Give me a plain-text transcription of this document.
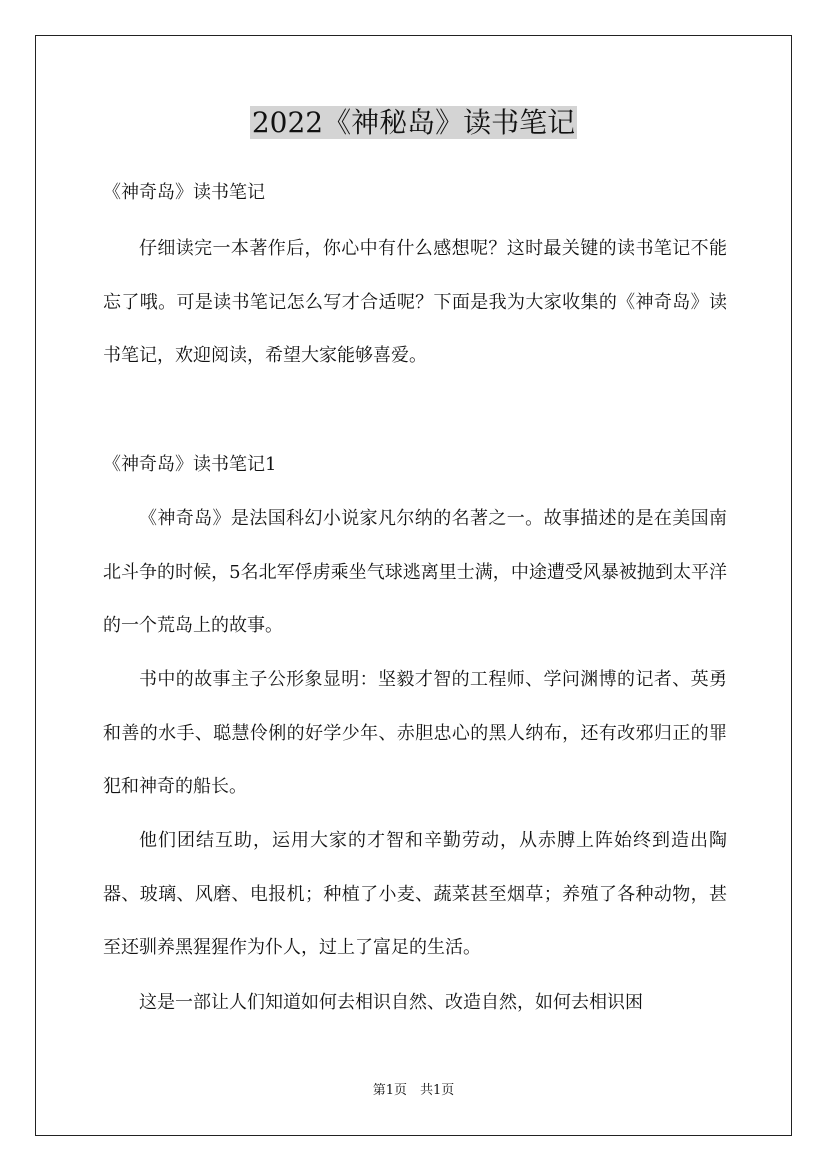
2022《神秘岛》读书笔记
《神奇岛》读书笔记

仔细读完一本著作后，你心中有什么感想呢？这时最关键的读书笔记不能忘了哦。可是读书笔记怎么写才合适呢？下面是我为大家收集的《神奇岛》读书笔记，欢迎阅读，希望大家能够喜爱。

《神奇岛》读书笔记1

《神奇岛》是法国科幻小说家凡尔纳的名著之一。故事描述的是在美国南北斗争的时候，5名北军俘虏乘坐气球逃离里士满，中途遭受风暴被抛到太平洋的一个荒岛上的故事。

书中的故事主子公形象显明：坚毅才智的工程师、学问渊博的记者、英勇和善的水手、聪慧伶俐的好学少年、赤胆忠心的黑人纳布，还有改邪归正的罪犯和神奇的船长。

他们团结互助，运用大家的才智和辛勤劳动，从赤膊上阵始终到造出陶器、玻璃、风磨、电报机；种植了小麦、蔬菜甚至烟草；养殖了各种动物，甚至还驯养黑猩猩作为仆人，过上了富足的生活。

这是一部让人们知道如何去相识自然、改造自然，如何去相识困

第1页　共1页
